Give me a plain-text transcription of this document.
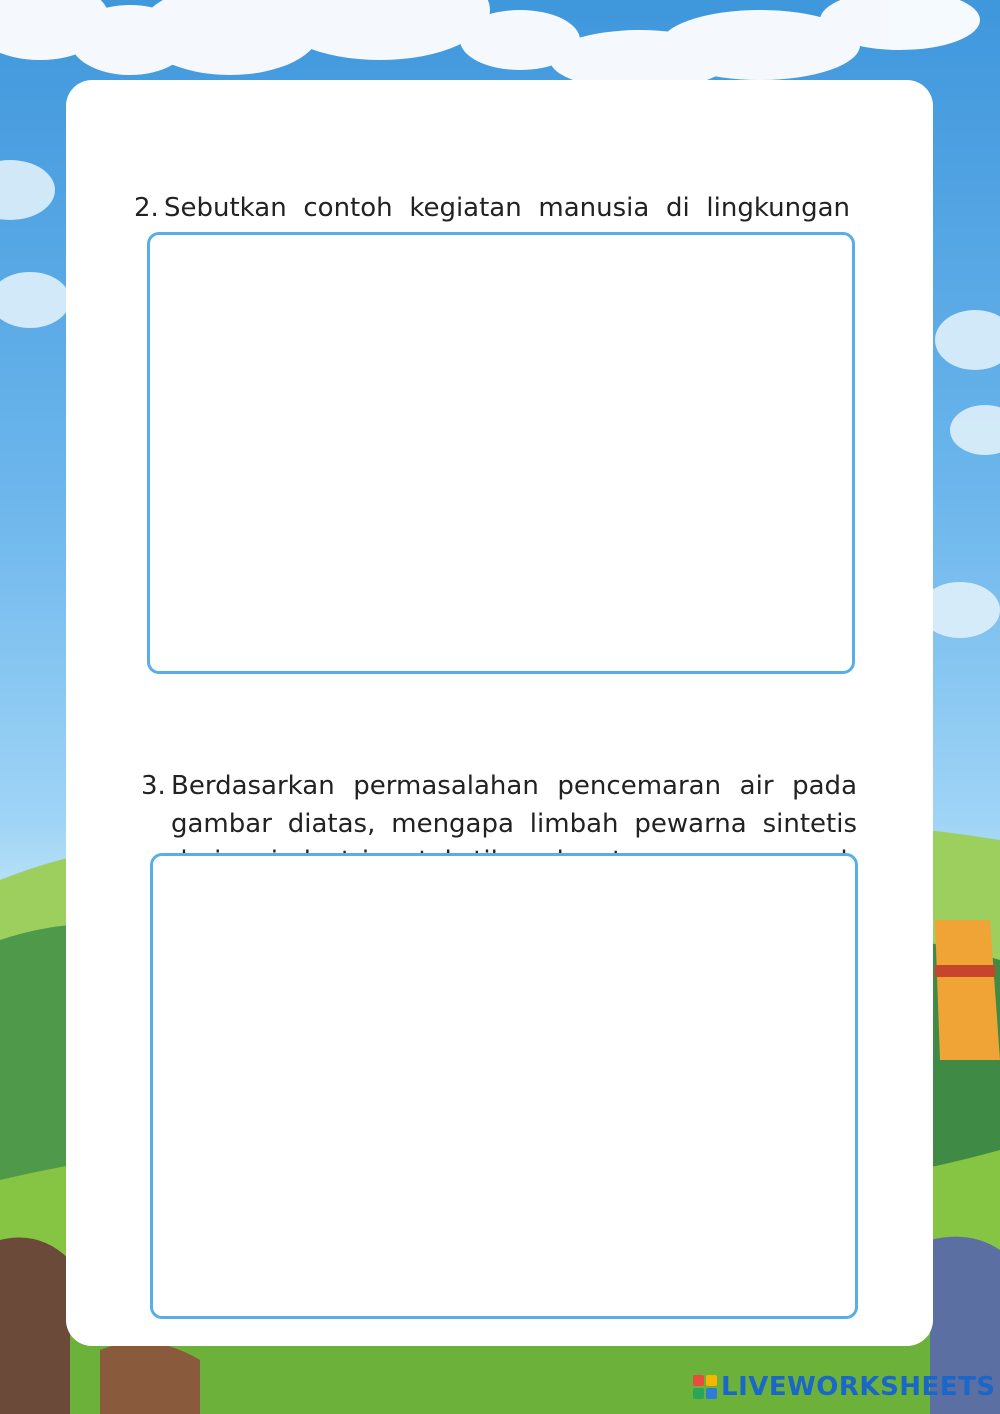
2. Sebutkan contoh kegiatan manusia di lingkungan

3. Berdasarkan permasalahan pencemaran air pada gambar diatas, mengapa limbah pewarna sintetis

LIVEWORKSHEETS
